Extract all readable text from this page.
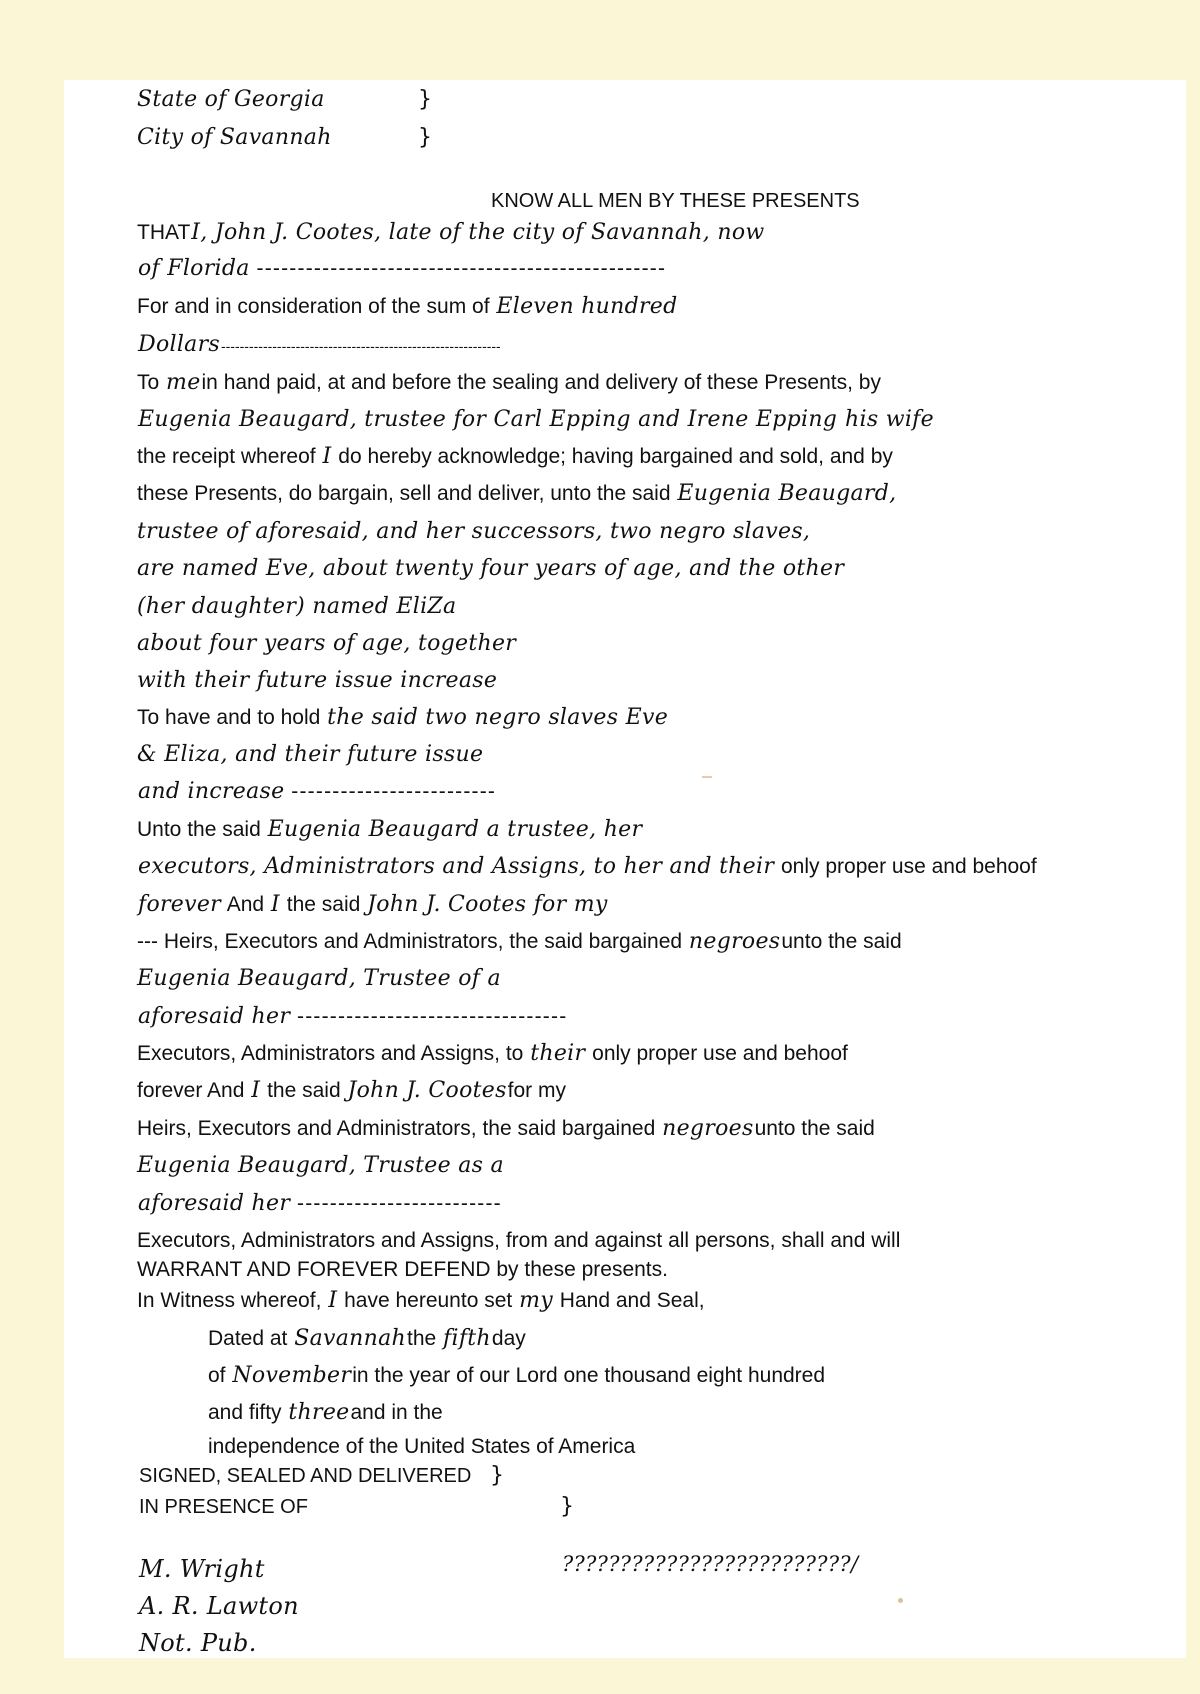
State of Georgia	}
City of Savannah	}
KNOW ALL MEN BY THESE PRESENTS
THATI, John J. Cootes, late of the city of Savannah, now
of Florida --------------------------------------------------
For and in consideration of the sum of Eleven hundred
Dollars------------------------------------------------------------
To mein hand paid, at and before the sealing and delivery of these Presents, by
Eugenia Beaugard, trustee for Carl Epping and Irene Epping his wife
the receipt whereof I do hereby acknowledge; having bargained and sold, and by
these Presents, do bargain, sell and deliver, unto the said Eugenia Beaugard,
trustee of aforesaid, and her successors, two negro slaves,
are named Eve, about twenty four years of age, and the other
(her daughter) named EliZa
about four years of age, together
with their future issue increase
To have and to hold the said two negro slaves Eve
& Eliza, and their future issue
and increase -------------------------
Unto the said Eugenia Beaugard a trustee, her
executors, Administrators and Assigns, to her and their only proper use and behoof
forever And I the said John J. Cootes for my
--- Heirs, Executors and Administrators, the said bargained negroesunto the said
Eugenia Beaugard, Trustee of a
aforesaid her ---------------------------------
Executors, Administrators and Assigns, to their only proper use and behoof
forever And I the said John J. Cootesfor my
Heirs, Executors and Administrators, the said bargained negroesunto the said
Eugenia Beaugard, Trustee as a
aforesaid her -------------------------
Executors, Administrators and Assigns, from and against all persons, shall and will
WARRANT AND FOREVER DEFEND by these presents.
In Witness whereof, I have hereunto set my Hand and Seal,
Dated at Savannahthe fifthday
of Novemberin the year of our Lord one thousand eight hundred
and fifty threeand in the
independence of the United States of America
SIGNED, SEALED AND DELIVERED }
IN PRESENCE OF	}
?????????????????????????/
M. Wright
A. R. Lawton
Not. Pub.
